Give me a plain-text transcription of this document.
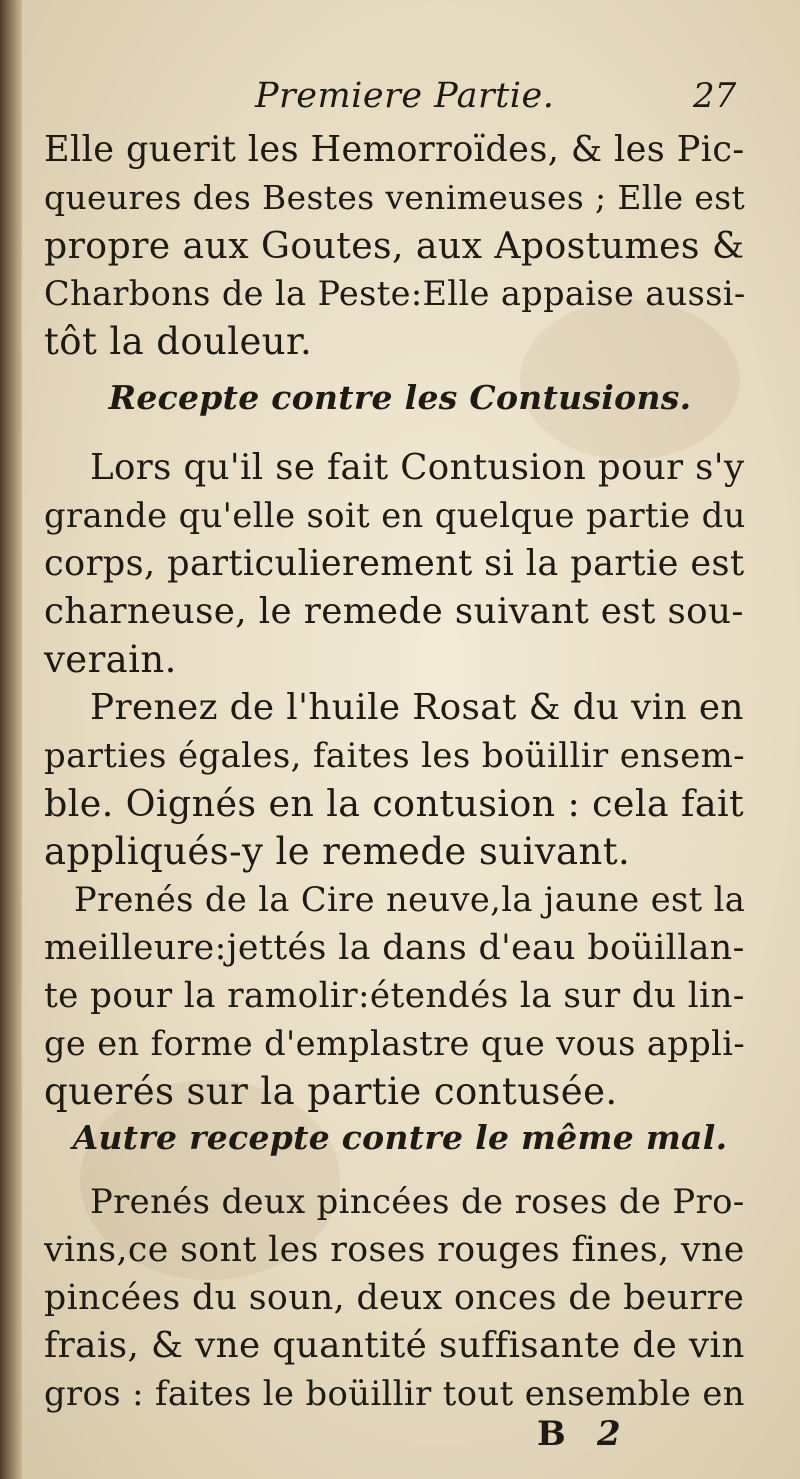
Premiere Partie.	27
Elle guerit les Hemorroïdes, & les Pic-
queures des Bestes venimeuses ; Elle est
propre aux Goutes, aux Apostumes &
Charbons de la Peste:Elle appaise aussi-
tôt la douleur.
Recepte contre les Contusions.
Lors qu'il se fait Contusion pour s'y
grande qu'elle soit en quelque partie du
corps, particulierement si la partie est
charneuse, le remede suivant est sou-
verain.
Prenez de l'huile Rosat & du vin en
parties égales, faites les boüillir ensem-
ble. Oignés en la contusion : cela fait
appliqués-y le remede suivant.
Prenés de la Cire neuve,la jaune est la
meilleure:jettés la dans d'eau boüillan-
te pour la ramolir:étendés la sur du lin-
ge en forme d'emplastre que vous appli-
querés sur la partie contusée.
Autre recepte contre le même mal.
Prenés deux pincées de roses de Pro-
vins,ce sont les roses rouges fines, vne
pincées du soun, deux onces de beurre
frais, & vne quantité suffisante de vin
gros : faites le boüillir tout ensemble en
B 2
